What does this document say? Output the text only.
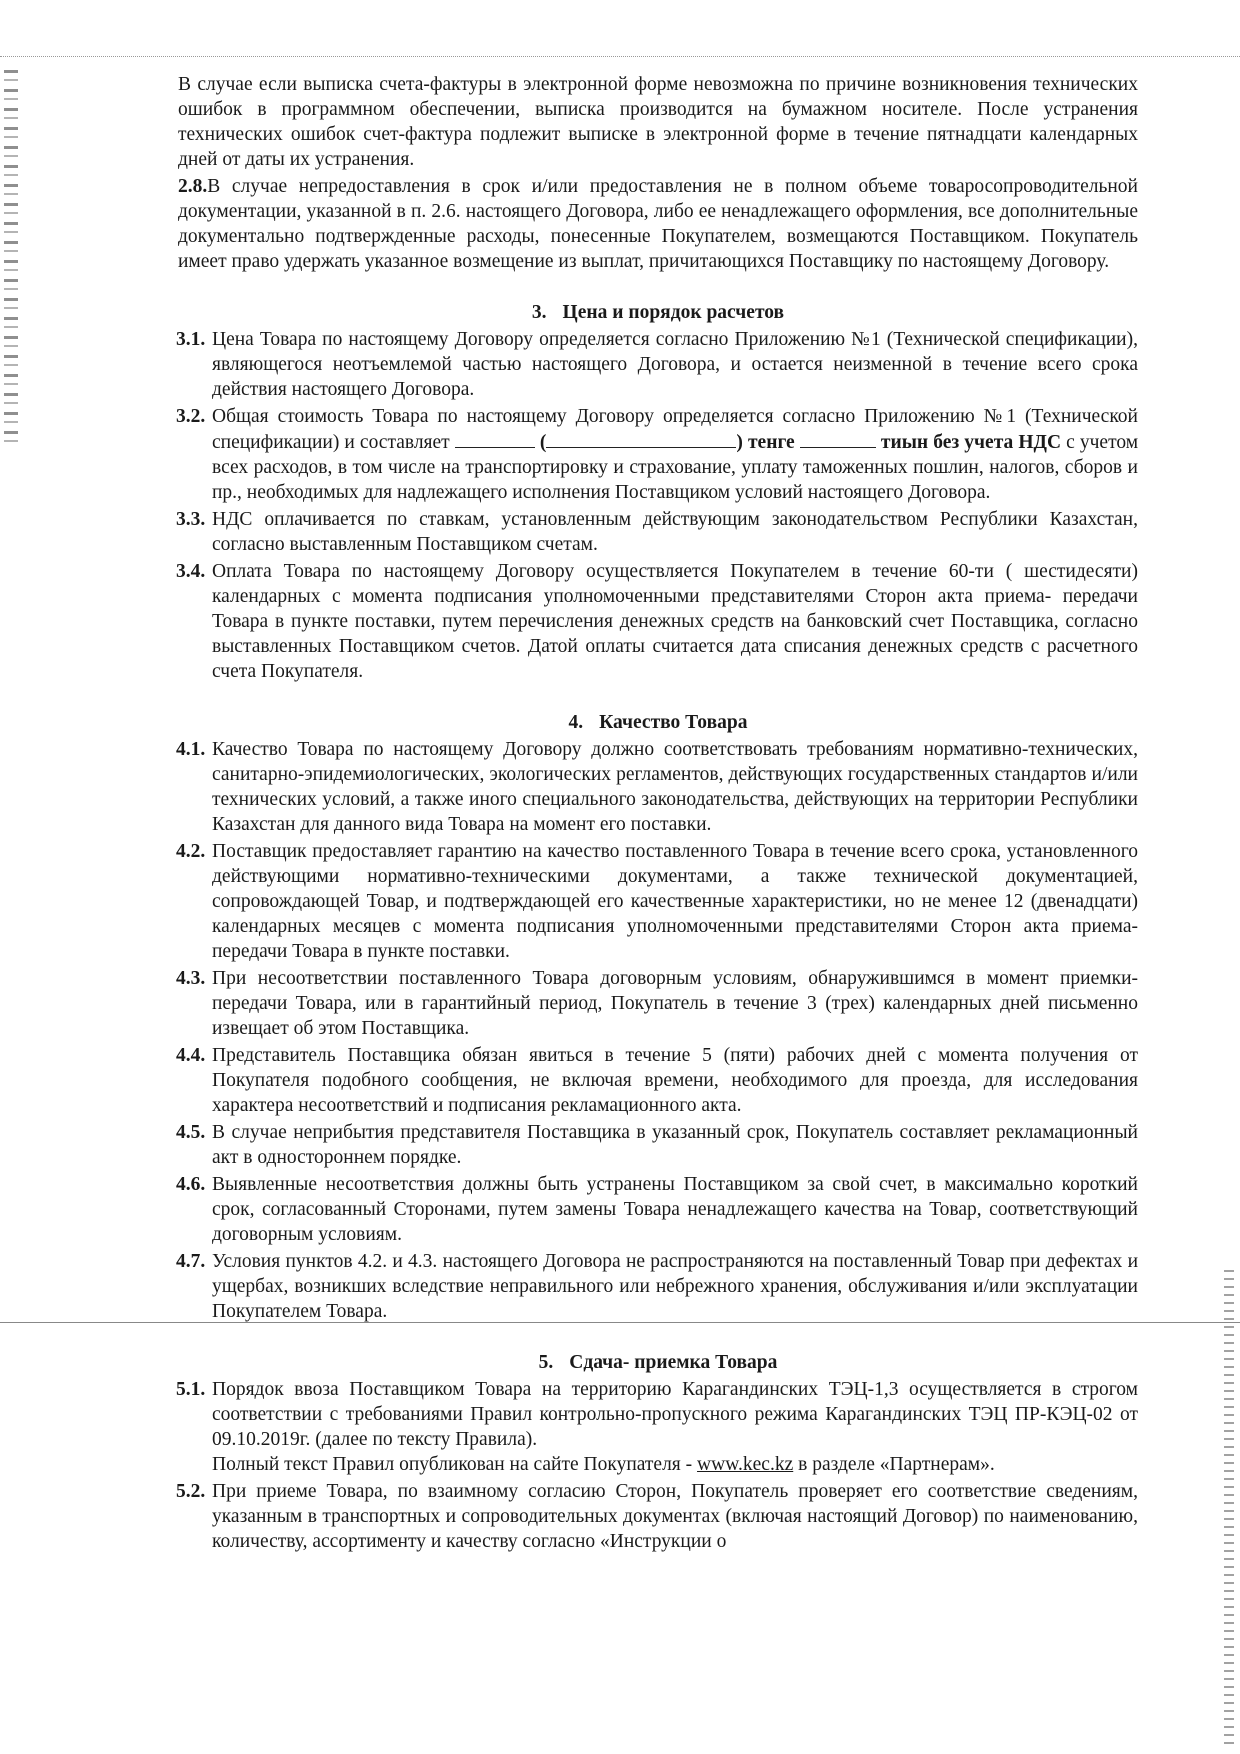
В случае если выписка счета-фактуры в электронной форме невозможна по причине возникновения технических ошибок в программном обеспечении, выписка производится на бумажном носителе. После устранения технических ошибок счет-фактура подлежит выписке в электронной форме в течение пятнадцати календарных дней от даты их устранения.

2.8.В случае непредоставления в срок и/или предоставления не в полном объеме товаросопроводительной документации, указанной в п. 2.6. настоящего Договора, либо ее ненадлежащего оформления, все дополнительные документально подтвержденные расходы, понесенные Покупателем, возмещаются Поставщиком. Покупатель имеет право удержать указанное возмещение из выплат, причитающихся Поставщику по настоящему Договору.
3. Цена и порядок расчетов
3.1. Цена Товара по настоящему Договору определяется согласно Приложению №1 (Технической спецификации), являющегося неотъемлемой частью настоящего Договора, и остается неизменной в течение всего срока действия настоящего Договора.
3.2. Общая стоимость Товара по настоящему Договору определяется согласно Приложению №1 (Технической спецификации) и составляет	(	) тенге	тиын без учета НДС с учетом всех расходов, в том числе на транспортировку и страхование, уплату таможенных пошлин, налогов, сборов и пр., необходимых для надлежащего исполнения Поставщиком условий настоящего Договора.
3.3. НДС оплачивается по ставкам, установленным действующим законодательством Республики Казахстан, согласно выставленным Поставщиком счетам.
3.4. Оплата Товара по настоящему Договору осуществляется Покупателем в течение 60-ти ( шестидесяти) календарных с момента подписания уполномоченными представителями Сторон акта приема- передачи Товара в пункте поставки, путем перечисления денежных средств на банковский счет Поставщика, согласно выставленных Поставщиком счетов. Датой оплаты считается дата списания денежных средств с расчетного счета Покупателя.
4. Качество Товара
4.1. Качество Товара по настоящему Договору должно соответствовать требованиям нормативно-технических, санитарно-эпидемиологических, экологических регламентов, действующих государственных стандартов и/или технических условий, а также иного специального законодательства, действующих на территории Республики Казахстан для данного вида Товара на момент его поставки.
4.2. Поставщик предоставляет гарантию на качество поставленного Товара в течение всего срока, установленного действующими нормативно-техническими документами, а также технической документацией, сопровождающей Товар, и подтверждающей его качественные характеристики, но не менее 12 (двенадцати) календарных месяцев с момента подписания уполномоченными представителями Сторон акта приема-передачи Товара в пункте поставки.
4.3. При несоответствии поставленного Товара договорным условиям, обнаружившимся в момент приемки-передачи Товара, или в гарантийный период, Покупатель в течение 3 (трех) календарных дней письменно извещает об этом Поставщика.
4.4. Представитель Поставщика обязан явиться в течение 5 (пяти) рабочих дней с момента получения от Покупателя подобного сообщения, не включая времени, необходимого для проезда, для исследования характера несоответствий и подписания рекламационного акта.
4.5. В случае неприбытия представителя Поставщика в указанный срок, Покупатель составляет рекламационный акт в одностороннем порядке.
4.6. Выявленные несоответствия должны быть устранены Поставщиком за свой счет, в максимально короткий срок, согласованный Сторонами, путем замены Товара ненадлежащего качества на Товар, соответствующий договорным условиям.
4.7. Условия пунктов 4.2. и 4.3. настоящего Договора не распространяются на поставленный Товар при дефектах и ущербах, возникших вследствие неправильного или небрежного хранения, обслуживания и/или эксплуатации Покупателем Товара.
5. Сдача- приемка Товара
5.1. Порядок ввоза Поставщиком Товара на территорию Карагандинских ТЭЦ-1,3 осуществляется в строгом соответствии с требованиями Правил контрольно-пропускного режима Карагандинских ТЭЦ ПР-КЭЦ-02 от 09.10.2019г. (далее по тексту Правила).
Полный текст Правил опубликован на сайте Покупателя - www.kec.kz в разделе «Партнерам».
5.2. При приеме Товара, по взаимному согласию Сторон, Покупатель проверяет его соответствие сведениям, указанным в транспортных и сопроводительных документах (включая настоящий Договор) по наименованию, количеству, ассортименту и качеству согласно «Инструкции о
